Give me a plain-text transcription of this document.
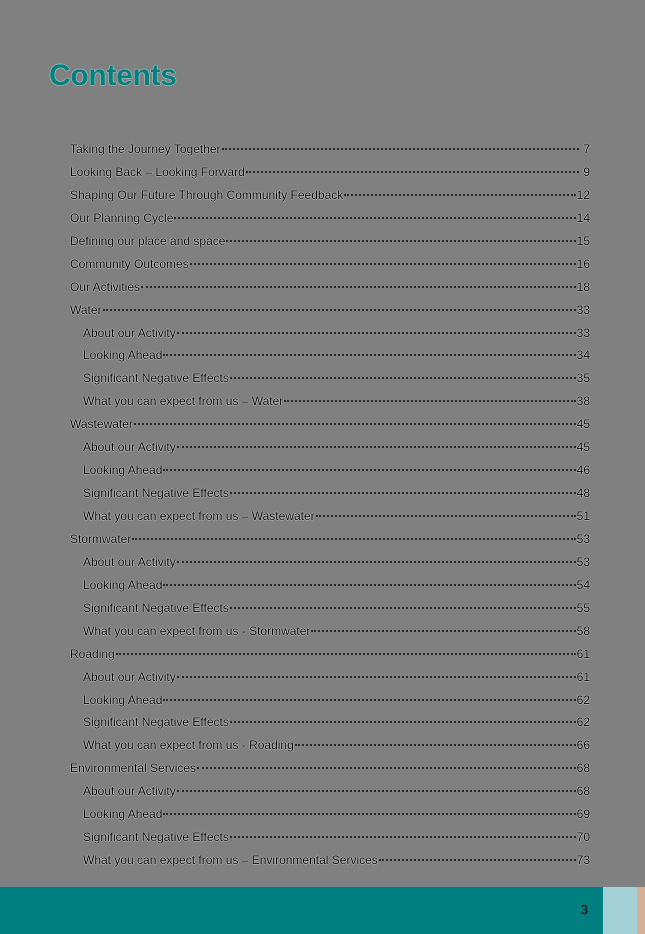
Contents
Taking the Journey Together	7
Looking Back – Looking Forward	9
Shaping Our Future Through Community Feedback	12
Our Planning Cycle	14
Defining our place and space	15
Community Outcomes	16
Our Activities	18
Water	33
About our Activity	33
Looking Ahead	34
Significant Negative Effects	35
What you can expect from us – Water	38
Wastewater	45
About our Activity	45
Looking Ahead	46
Significant Negative Effects	48
What you can expect from us – Wastewater	51
Stormwater	53
About our Activity	53
Looking Ahead	54
Significant Negative Effects	55
What you can expect from us - Stormwater	58
Roading	61
About our Activity	61
Looking Ahead	62
Significant Negative Effects	62
What you can expect from us - Roading	66
Environmental Services	68
About our Activity	68
Looking Ahead	69
Significant Negative Effects	70
What you can expect from us – Environmental Services	73
3
